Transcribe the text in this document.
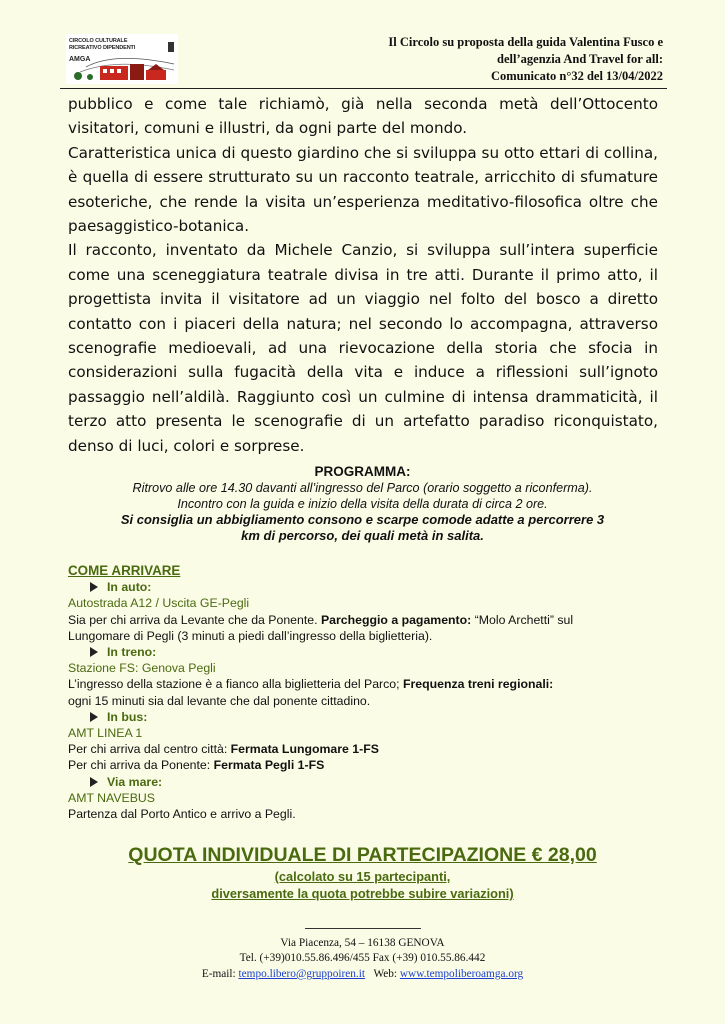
CIRCOLO CULTURALE
RICREATIVO DIPENDENTI
AMGA
Il Circolo su proposta della guida Valentina Fusco e
dell’agenzia And Travel for all:
Comunicato n°32 del 13/04/2022

pubblico e come tale richiamò, già nella seconda metà dell’Ottocento visitatori, comuni e illustri, da ogni parte del mondo.

Caratteristica unica di questo giardino che si sviluppa su otto ettari di collina, è quella di essere strutturato su un racconto teatrale, arricchito di sfumature esoteriche, che rende la visita un’esperienza meditativo-filosofica oltre che paesaggistico-botanica.

Il racconto, inventato da Michele Canzio, si sviluppa sull’intera superficie come una sceneggiatura teatrale divisa in tre atti. Durante il primo atto, il progettista invita il visitatore ad un viaggio nel folto del bosco a diretto contatto con i piaceri della natura; nel secondo lo accompagna, attraverso scenografie medioevali, ad una rievocazione della storia che sfocia in considerazioni sulla fugacità della vita e induce a riflessioni sull’ignoto passaggio nell’aldilà. Raggiunto così un culmine di intensa drammaticità, il terzo atto presenta le scenografie di un artefatto paradiso riconquistato, denso di luci, colori e sorprese.

PROGRAMMA:
Ritrovo alle ore 14.30 davanti all’ingresso del Parco (orario soggetto a riconferma).
Incontro con la guida e inizio della visita della durata di circa 2 ore.
Si consiglia un abbigliamento consono e scarpe comode adatte a percorrere 3
km di percorso, dei quali metà in salita.
COME ARRIVARE
In auto:
Autostrada A12 / Uscita GE-Pegli
Sia per chi arriva da Levante che da Ponente. Parcheggio a pagamento: “Molo Archetti” sul
Lungomare di Pegli (3 minuti a piedi dall’ingresso della biglietteria).
In treno:
Stazione FS: Genova Pegli
L’ingresso della stazione è a fianco alla biglietteria del Parco; Frequenza treni regionali:
ogni 15 minuti sia dal levante che dal ponente cittadino.
In bus:
AMT LINEA 1
Per chi arriva dal centro città: Fermata Lungomare 1-FS
Per chi arriva da Ponente: Fermata Pegli 1-FS
Via mare:
AMT NAVEBUS
Partenza dal Porto Antico e arrivo a Pegli.
QUOTA INDIVIDUALE DI PARTECIPAZIONE € 28,00
(calcolato su 15 partecipanti,
diversamente la quota potrebbe subire variazioni)
Via Piacenza, 54 – 16138 GENOVA
Tel. (+39)010.55.86.496/455 Fax (+39) 010.55.86.442
E-mail: tempo.libero@gruppoiren.it Web: www.tempoliberoamga.org
